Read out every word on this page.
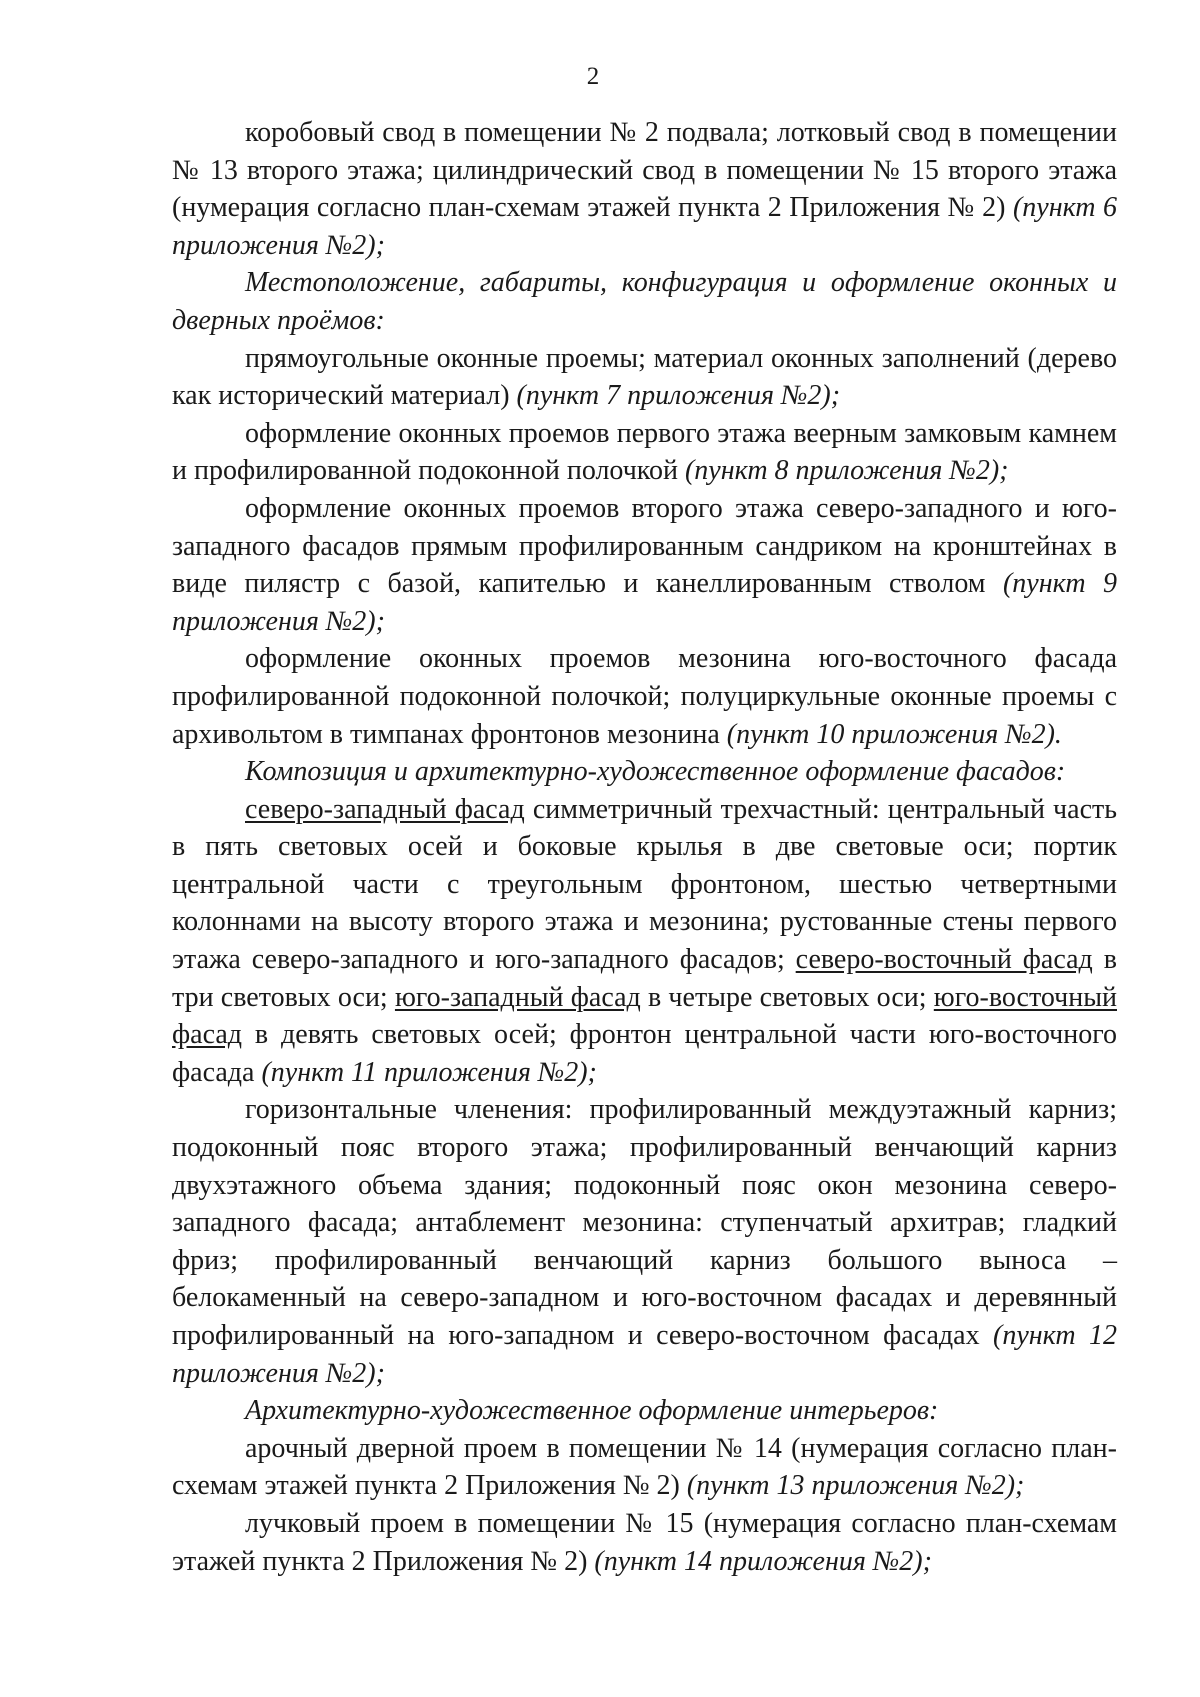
2

коробовый свод в помещении № 2 подвала; лотковый свод в помещении № 13 второго этажа; цилиндрический свод в помещении № 15 второго этажа (нумерация согласно план-схемам этажей пункта 2 Приложения № 2) (пункт 6 приложения №2);

Местоположение, габариты, конфигурация и оформление оконных и дверных проёмов:

прямоугольные оконные проемы; материал оконных заполнений (дерево как исторический материал) (пункт 7 приложения №2);

оформление оконных проемов первого этажа веерным замковым камнем и профилированной подоконной полочкой (пункт 8 приложения №2);

оформление оконных проемов второго этажа северо-западного и юго-западного фасадов прямым профилированным сандриком на кронштейнах в виде пилястр с базой, капителью и канеллированным стволом (пункт 9 приложения №2);

оформление оконных проемов мезонина юго-восточного фасада профилированной подоконной полочкой; полуциркульные оконные проемы с архивольтом в тимпанах фронтонов мезонина (пункт 10 приложения №2).

Композиция и архитектурно-художественное оформление фасадов:

северо-западный фасад симметричный трехчастный: центральный часть в пять световых осей и боковые крылья в две световые оси; портик центральной части с треугольным фронтоном, шестью четвертными колоннами на высоту второго этажа и мезонина; рустованные стены первого этажа северо-западного и юго-западного фасадов; северо-восточный фасад в три световых оси; юго-западный фасад в четыре световых оси; юго-восточный фасад в девять световых осей; фронтон центральной части юго-восточного фасада (пункт 11 приложения №2);

горизонтальные членения: профилированный междуэтажный карниз; подоконный пояс второго этажа; профилированный венчающий карниз двухэтажного объема здания; подоконный пояс окон мезонина северо-западного фасада; антаблемент мезонина: ступенчатый архитрав; гладкий фриз; профилированный венчающий карниз большого выноса – белокаменный на северо-западном и юго-восточном фасадах и деревянный профилированный на юго-западном и северо-восточном фасадах (пункт 12 приложения №2);

Архитектурно-художественное оформление интерьеров:

арочный дверной проем в помещении № 14 (нумерация согласно план-схемам этажей пункта 2 Приложения № 2) (пункт 13 приложения №2);

лучковый проем в помещении № 15 (нумерация согласно план-схемам этажей пункта 2 Приложения № 2) (пункт 14 приложения №2);
